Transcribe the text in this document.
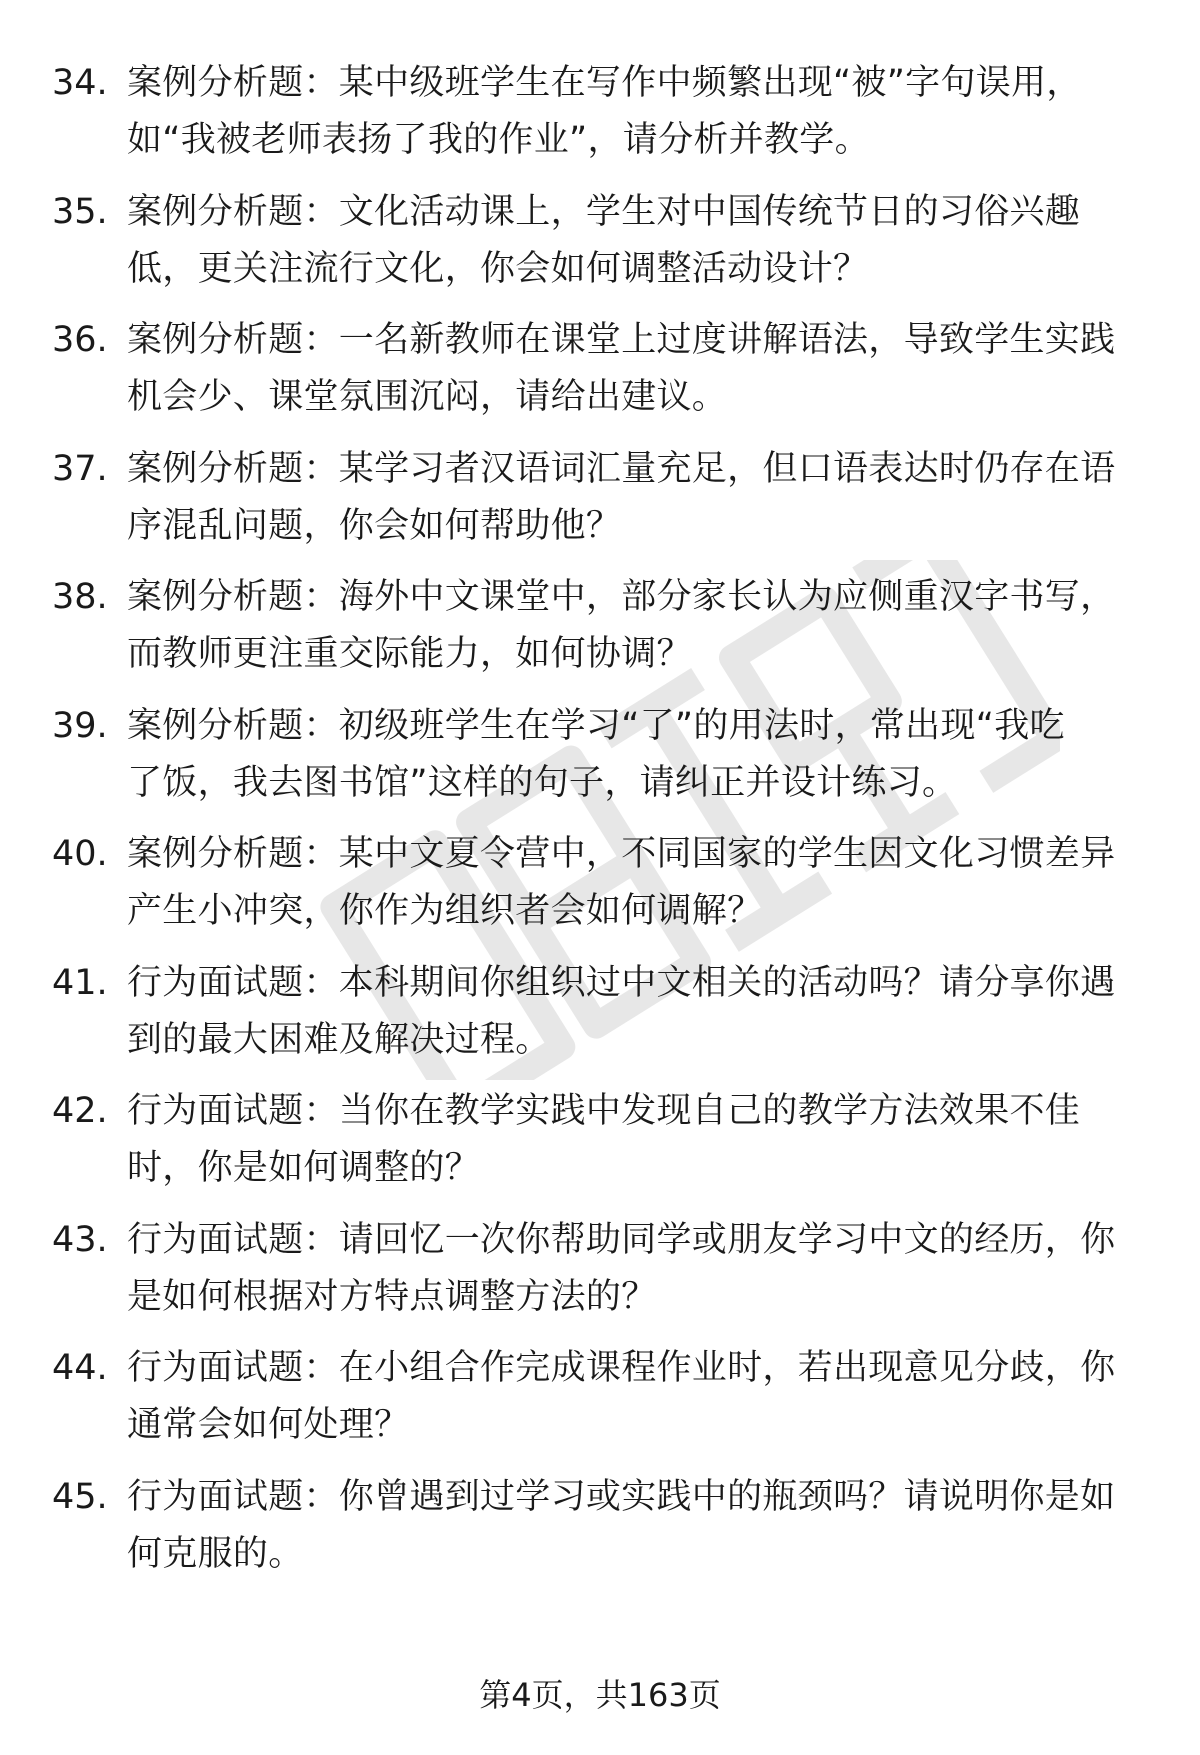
34. 案例分析题：某中级班学生在写作中频繁出现“被”字句误用，
如“我被老师表扬了我的作业”，请分析并教学。
35. 案例分析题：文化活动课上，学生对中国传统节日的习俗兴趣
低，更关注流行文化，你会如何调整活动设计？
36. 案例分析题：一名新教师在课堂上过度讲解语法，导致学生实践
机会少、课堂氛围沉闷，请给出建议。
37. 案例分析题：某学习者汉语词汇量充足，但口语表达时仍存在语
序混乱问题，你会如何帮助他？
38. 案例分析题：海外中文课堂中，部分家长认为应侧重汉字书写，
而教师更注重交际能力，如何协调？
39. 案例分析题：初级班学生在学习“了”的用法时，常出现“我吃
了饭，我去图书馆”这样的句子，请纠正并设计练习。
40. 案例分析题：某中文夏令营中，不同国家的学生因文化习惯差异
产生小冲突，你作为组织者会如何调解？
41. 行为面试题：本科期间你组织过中文相关的活动吗？请分享你遇
到的最大困难及解决过程。
42. 行为面试题：当你在教学实践中发现自己的教学方法效果不佳
时，你是如何调整的？
43. 行为面试题：请回忆一次你帮助同学或朋友学习中文的经历，你
是如何根据对方特点调整方法的？
44. 行为面试题：在小组合作完成课程作业时，若出现意见分歧，你
通常会如何处理？
45. 行为面试题：你曾遇到过学习或实践中的瓶颈吗？请说明你是如
何克服的。
第4页，共163页
